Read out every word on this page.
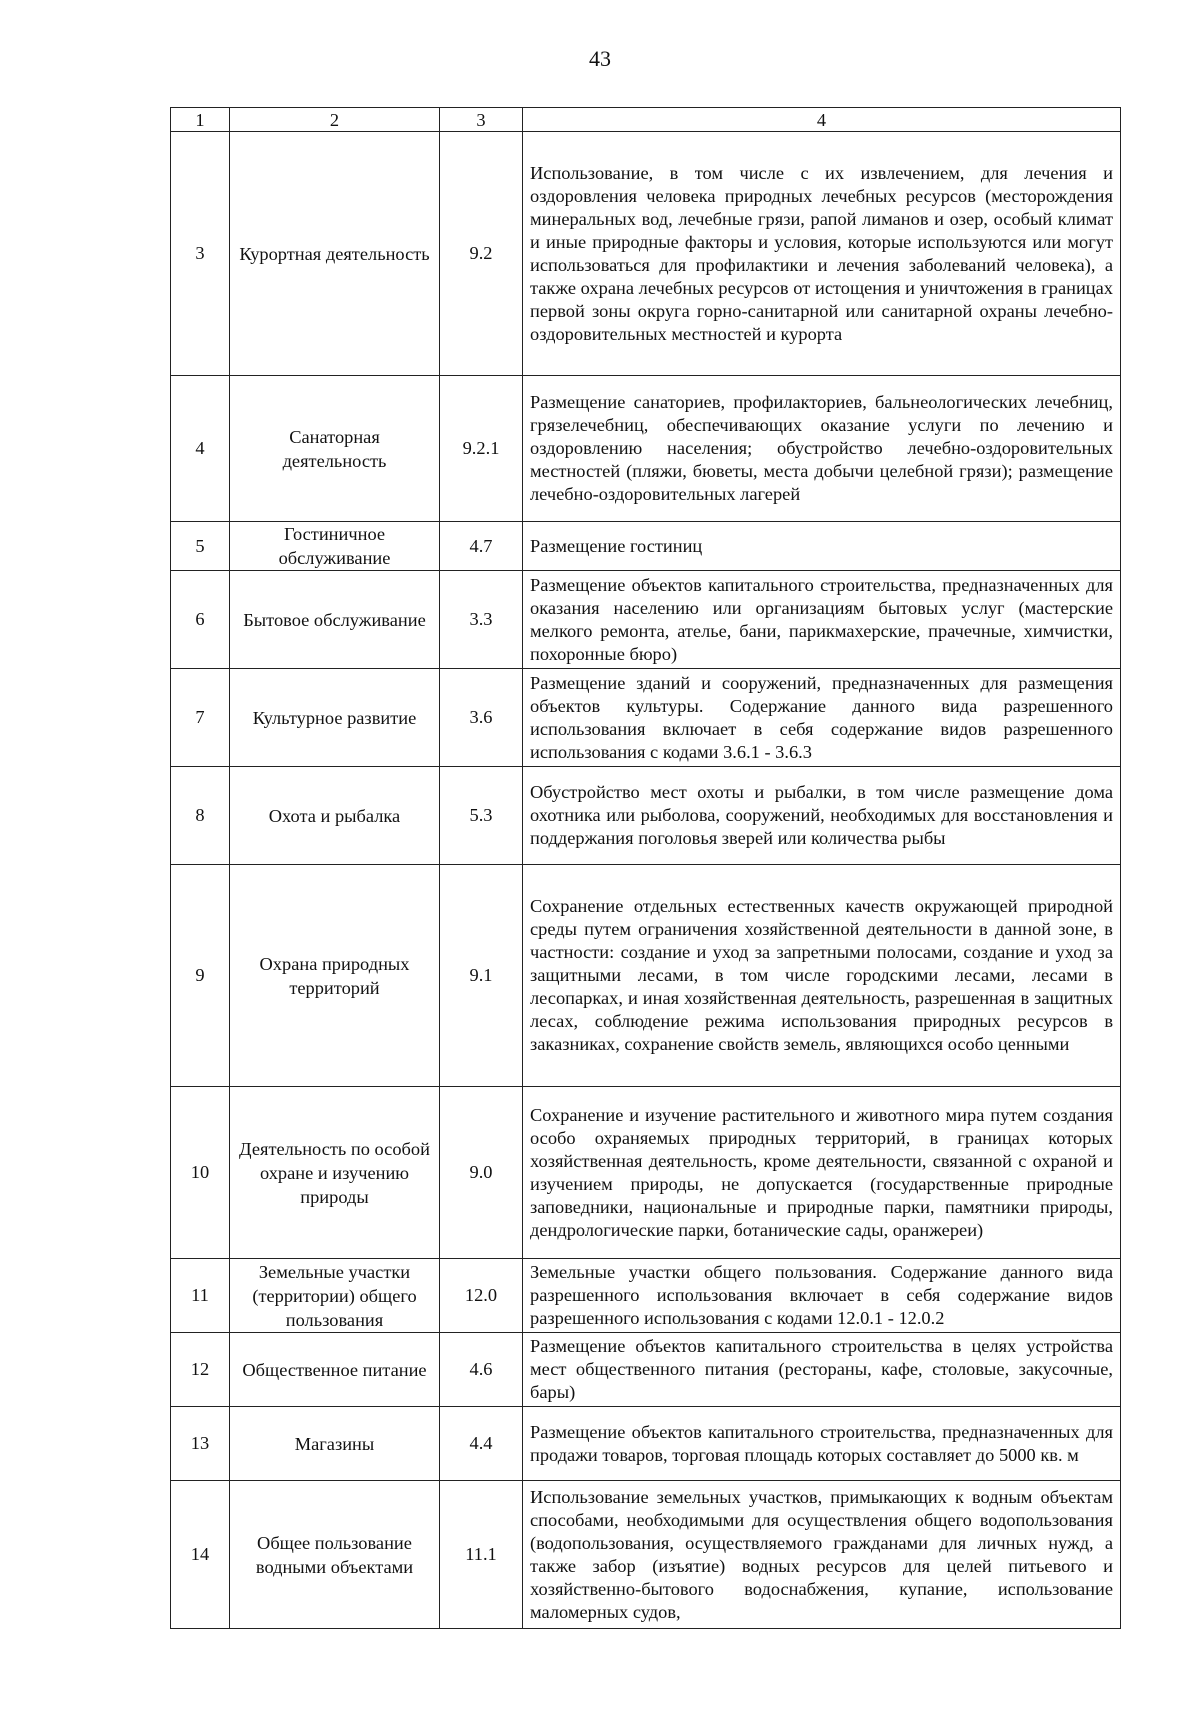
43
1	2	3	4
3	Курортная деятельность	9.2	Использование, в том числе с их извлечением, для лечения и оздоровления человека природных лечебных ресурсов (месторождения минеральных вод, лечебные грязи, рапой лиманов и озер, особый климат и иные природные факторы и условия, которые используются или могут использоваться для профилактики и лечения заболеваний человека), а также охрана лечебных ресурсов от истощения и уничтожения в границах первой зоны округа горно-санитарной или санитарной охраны лечебно-оздоровительных местностей и курорта
4	Санаторная деятельность	9.2.1	Размещение санаториев, профилакториев, бальнеологических лечебниц, грязелечебниц, обеспечивающих оказание услуги по лечению и оздоровлению населения; обустройство лечебно-оздоровительных местностей (пляжи, бюветы, места добычи целебной грязи); размещение лечебно-оздоровительных лагерей
5	Гостиничное обслуживание	4.7	Размещение гостиниц
6	Бытовое обслуживание	3.3	Размещение объектов капитального строительства, предназначенных для оказания населению или организациям бытовых услуг (мастерские мелкого ремонта, ателье, бани, парикмахерские, прачечные, химчистки, похоронные бюро)
7	Культурное развитие	3.6	Размещение зданий и сооружений, предназначенных для размещения объектов культуры. Содержание данного вида разрешенного использования включает в себя содержание видов разрешенного использования с кодами 3.6.1 - 3.6.3
8	Охота и рыбалка	5.3	Обустройство мест охоты и рыбалки, в том числе размещение дома охотника или рыболова, сооружений, необходимых для восстановления и поддержания поголовья зверей или количества рыбы
9	Охрана природных территорий	9.1	Сохранение отдельных естественных качеств окружающей природной среды путем ограничения хозяйственной деятельности в данной зоне, в частности: создание и уход за запретными полосами, создание и уход за защитными лесами, в том числе городскими лесами, лесами в лесопарках, и иная хозяйственная деятельность, разрешенная в защитных лесах, соблюдение режима использования природных ресурсов в заказниках, сохранение свойств земель, являющихся особо ценными
10	Деятельность по особой охране и изучению природы	9.0	Сохранение и изучение растительного и животного мира путем создания особо охраняемых природных территорий, в границах которых хозяйственная деятельность, кроме деятельности, связанной с охраной и изучением природы, не допускается (государственные природные заповедники, национальные и природные парки, памятники природы, дендрологические парки, ботанические сады, оранжереи)
11	Земельные участки (территории) общего пользования	12.0	Земельные участки общего пользования. Содержание данного вида разрешенного использования включает в себя содержание видов разрешенного использования с кодами 12.0.1 - 12.0.2
12	Общественное питание	4.6	Размещение объектов капитального строительства в целях устройства мест общественного питания (рестораны, кафе, столовые, закусочные, бары)
13	Магазины	4.4	Размещение объектов капитального строительства, предназначенных для продажи товаров, торговая площадь которых составляет до 5000 кв. м
14	Общее пользование водными объектами	11.1	Использование земельных участков, примыкающих к водным объектам способами, необходимыми для осуществления общего водопользования (водопользования, осуществляемого гражданами для личных нужд, а также забор (изъятие) водных ресурсов для целей питьевого и хозяйственно-бытового водоснабжения, купание, использование маломерных судов,
